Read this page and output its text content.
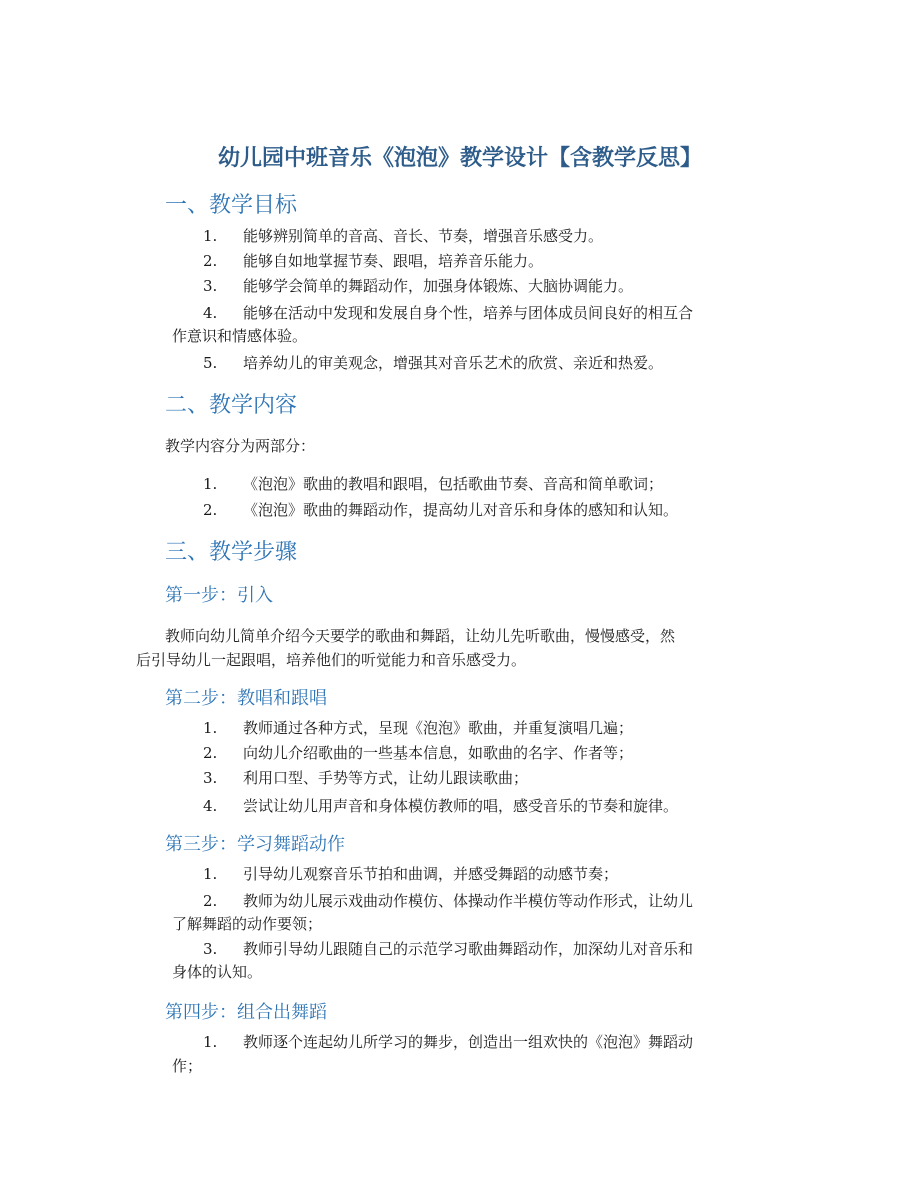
幼儿园中班音乐《泡泡》教学设计【含教学反思】
一、教学目标
1. 能够辨别简单的音高、音长、节奏，增强音乐感受力。
2. 能够自如地掌握节奏、跟唱，培养音乐能力。
3. 能够学会简单的舞蹈动作，加强身体锻炼、大脑协调能力。
4. 能够在活动中发现和发展自身个性，培养与团体成员间良好的相互合
作意识和情感体验。
5. 培养幼儿的审美观念，增强其对音乐艺术的欣赏、亲近和热爱。
二、教学内容
教学内容分为两部分：
1. 《泡泡》歌曲的教唱和跟唱，包括歌曲节奏、音高和简单歌词；
2. 《泡泡》歌曲的舞蹈动作，提高幼儿对音乐和身体的感知和认知。
三、教学步骤
第一步：引入
教师向幼儿简单介绍今天要学的歌曲和舞蹈，让幼儿先听歌曲，慢慢感受，然
后引导幼儿一起跟唱，培养他们的听觉能力和音乐感受力。
第二步：教唱和跟唱
1. 教师通过各种方式，呈现《泡泡》歌曲，并重复演唱几遍；
2. 向幼儿介绍歌曲的一些基本信息，如歌曲的名字、作者等；
3. 利用口型、手势等方式，让幼儿跟读歌曲；
4. 尝试让幼儿用声音和身体模仿教师的唱，感受音乐的节奏和旋律。
第三步：学习舞蹈动作
1. 引导幼儿观察音乐节拍和曲调，并感受舞蹈的动感节奏；
2. 教师为幼儿展示戏曲动作模仿、体操动作半模仿等动作形式，让幼儿
了解舞蹈的动作要领；
3. 教师引导幼儿跟随自己的示范学习歌曲舞蹈动作，加深幼儿对音乐和
身体的认知。
第四步：组合出舞蹈
1. 教师逐个连起幼儿所学习的舞步，创造出一组欢快的《泡泡》舞蹈动
作；
